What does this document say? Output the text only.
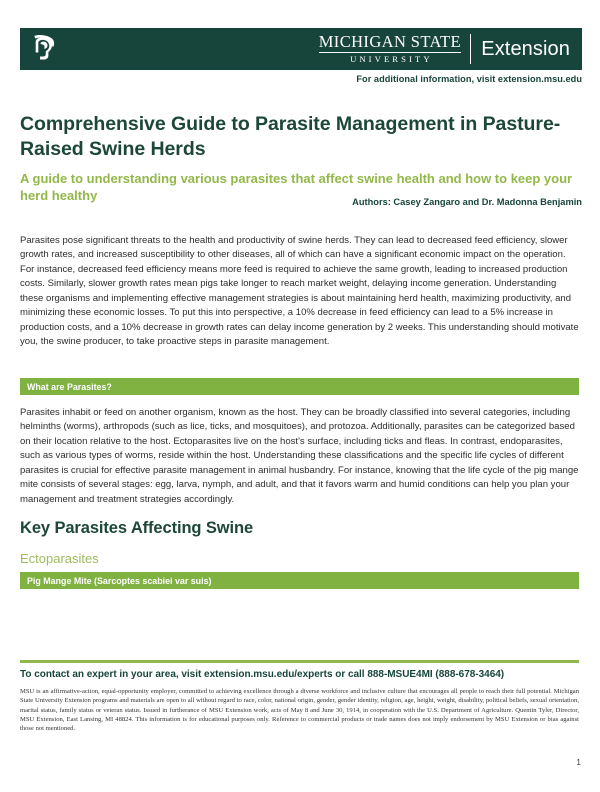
MICHIGAN STATE
UNIVERSITY	Extension
For additional information, visit extension.msu.edu
Comprehensive Guide to Parasite Management in Pasture-Raised Swine Herds
A guide to understanding various parasites that affect swine health and how to keep your herd healthy	Authors: Casey Zangaro and Dr. Madonna Benjamin

Parasites pose significant threats to the health and productivity of swine herds. They can lead to decreased feed efficiency, slower growth rates, and increased susceptibility to other diseases, all of which can have a significant economic impact on the operation. For instance, decreased feed efficiency means more feed is required to achieve the same growth, leading to increased production costs. Similarly, slower growth rates mean pigs take longer to reach market weight, delaying income generation. Understanding these organisms and implementing effective management strategies is about maintaining herd health, maximizing productivity, and minimizing these economic losses. To put this into perspective, a 10% decrease in feed efficiency can lead to a 5% increase in production costs, and a 10% decrease in growth rates can delay income generation by 2 weeks. This understanding should motivate you, the swine producer, to take proactive steps in parasite management.

What are Parasites?

Parasites inhabit or feed on another organism, known as the host. They can be broadly classified into several categories, including helminths (worms), arthropods (such as lice, ticks, and mosquitoes), and protozoa. Additionally, parasites can be categorized based on their location relative to the host. Ectoparasites live on the host's surface, including ticks and fleas. In contrast, endoparasites, such as various types of worms, reside within the host. Understanding these classifications and the specific life cycles of different parasites is crucial for effective parasite management in animal husbandry. For instance, knowing that the life cycle of the pig mange mite consists of several stages: egg, larva, nymph, and adult, and that it favors warm and humid conditions can help you plan your management and treatment strategies accordingly.

Key Parasites Affecting Swine
Ectoparasites
Pig Mange Mite (Sarcoptes scabiei var suis)
To contact an expert in your area, visit extension.msu.edu/experts or call 888-MSUE4MI (888-678-3464)
MSU is an affirmative-action, equal-opportunity employer, committed to achieving excellence through a diverse workforce and inclusive culture that encourages all people to reach their full potential. Michigan State University Extension programs and materials are open to all without regard to race, color, national origin, gender, gender identity, religion, age, height, weight, disability, political beliefs, sexual orientation, marital status, family status or veteran status. Issued in furtherance of MSU Extension work, acts of May 8 and June 30, 1914, in cooperation with the U.S. Department of Agriculture. Quentin Tyler, Director, MSU Extension, East Lansing, MI 48824. This information is for educational purposes only. Reference to commercial products or trade names does not imply endorsement by MSU Extension or bias against those not mentioned.
1
